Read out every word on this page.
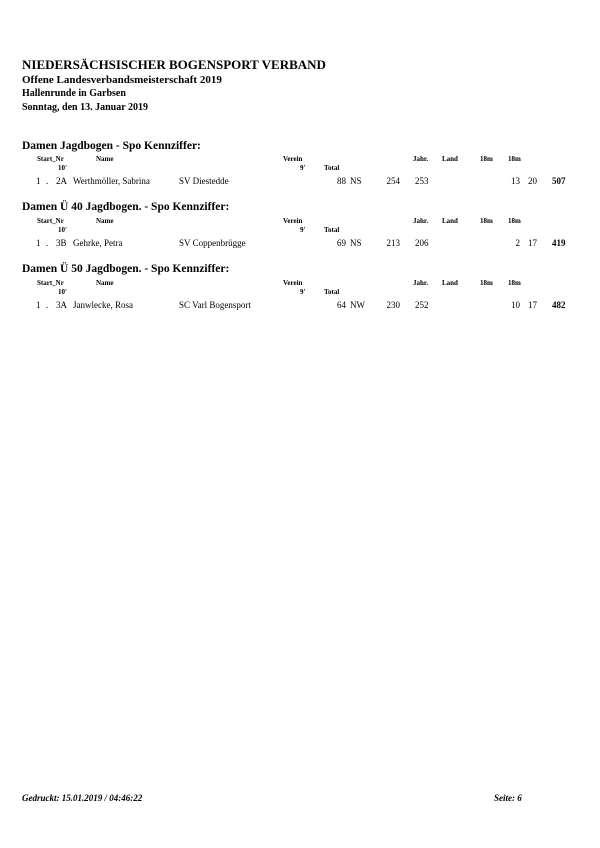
NIEDERSÄCHSISCHER BOGENSPORT VERBAND
Offene Landesverbandsmeisterschaft 2019
Hallenrunde in Garbsen
Sonntag, den 13. Januar 2019
Damen Jagdbogen - Spo Kennziffer:
Start_Nr	Name	Verein	Jahr. Land	18m 18m
10'	9'	Total
1 . 2A Werthmöller, Sabrina	SV Diestedde	88 NS	254 253	13 20 507
Damen Ü 40 Jagdbogen. - Spo Kennziffer:
Start_Nr	Name	Verein	Jahr. Land	18m 18m
10'	9'	Total
1 . 3B Gehrke, Petra	SV Coppenbrügge	69 NS	213 206	2 17 419
Damen Ü 50 Jagdbogen. - Spo Kennziffer:
Start_Nr	Name	Verein	Jahr. Land	18m 18m
10'	9'	Total
1 . 3A Janwlecke, Rosa	SC Varl Bogensport	64 NW	230 252	10 17 482
Gedruckt: 15.01.2019 / 04:46:22	Seite: 6
